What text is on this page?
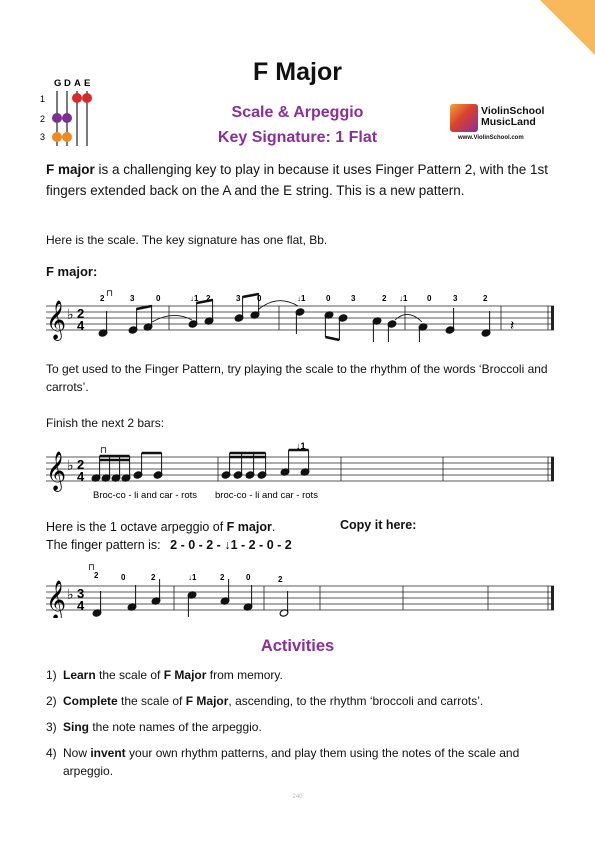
G D A E
1
2
3
F Major
Scale & Arpeggio
Key Signature: 1 Flat
ViolinSchool
MusicLand
www.ViolinSchool.com
F major is a challenging key to play in because it uses Finger Pattern 2, with the 1st fingers extended back on the A and the E string. This is a new pattern.
Here is the scale. The key signature has one flat, Bb.
F major:
𝄞 ♭ 2
4
2	3	0	↓1 2	3 0	↓1	0	3	2 ↓1 0	3	2
⊓
𝄽
To get used to the Finger Pattern, try playing the scale to the rhythm of the words ‘Broccoli and carrots’.
Finish the next 2 bars:
𝄞 ♭ 2
4
⊓	↓1
Broc-co - li and car - rots broc-co - li and car - rots
Here is the 1 octave arpeggio of F major.	Copy it here:
The finger pattern is: 2 - 0 - 2 - ↓1 - 2 - 0 - 2
𝄞 ♭ 3
4
2	0	2	↓1	2	0	2
⊓
Activities
1) Learn the scale of F Major from memory.
2) Complete the scale of F Major, ascending, to the rhythm ‘broccoli and carrots’.
3) Sing the note names of the arpeggio.
4) Now invent your own rhythm patterns, and play them using the notes of the scale and arpeggio.
240
